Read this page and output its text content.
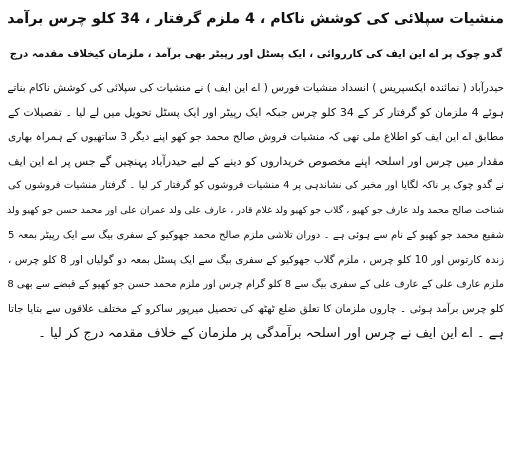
منشیات سپلائی کی کوشش ناکام ، 4 ملزم گرفتار ، 34 کلو چرس برآمد
گدو چوک پر اے این ایف کی کارروائی ، ایک پسٹل اور رپیٹر بھی برآمد ، ملزمان کیخلاف مقدمہ درج
حیدرآباد ( نمائندہ ایکسپریس ) انسداد منشیات فورس ( اے این ایف ) نے منشیات کی سپلائی کی کوشش ناکام بناتے
ہوئے 4 ملزمان کو گرفتار کر کے 34 کلو چرس جبکہ ایک رپیٹر اور ایک پسٹل تحویل میں لے لیا ۔ تفصیلات کے
مطابق اے این ایف کو اطلاع ملی تھی کہ منشیات فروش صالح محمد جو کھو اپنے دیگر 3 ساتھیوں کے ہمراہ بھاری
مقدار میں چرس اور اسلحہ اپنے مخصوص خریداروں کو دینے کے لیے حیدرآباد پہنچیں گے جس پر اے این ایف
نے گدو چوک پر ناکہ لگایا اور مخبر کی نشاندہی پر 4 منشیات فروشوں کو گرفتار کر لیا ۔ گرفتار منشیات فروشوں کی
شناخت صالح محمد ولد عارف جو کھیو ، گلاب جو کھیو ولد غلام قادر ، عارف علی ولد عمران علی اور محمد حسن جو کھیو ولد
شفیع محمد جو کھیو کے نام سے ہوئی ہے ۔ دوران تلاشی ملزم صالح محمد جھوکیو کے سفری بیگ سے ایک رپیٹر بمعہ 5
زندہ کارتوس اور 10 کلو چرس ، ملزم گلاب جھوکیو کے سفری بیگ سے ایک پسٹل بمعہ دو گولیاں اور 8 کلو چرس ،
ملزم عارف علی کے عارف علی کے سفری بیگ سے 8 کلو گرام چرس اور ملزم محمد حسن جو کھیو کے قبضے سے بھی 8
کلو چرس برآمد ہوئی ۔ چاروں ملزمان کا تعلق ضلع ٹھٹھ کی تحصیل میرپور ساکرو کے مختلف علاقوں سے بتایا جاتا
ہے ۔ اے این ایف نے چرس اور اسلحہ برآمدگی پر ملزمان کے خلاف مقدمہ درج کر لیا ۔
